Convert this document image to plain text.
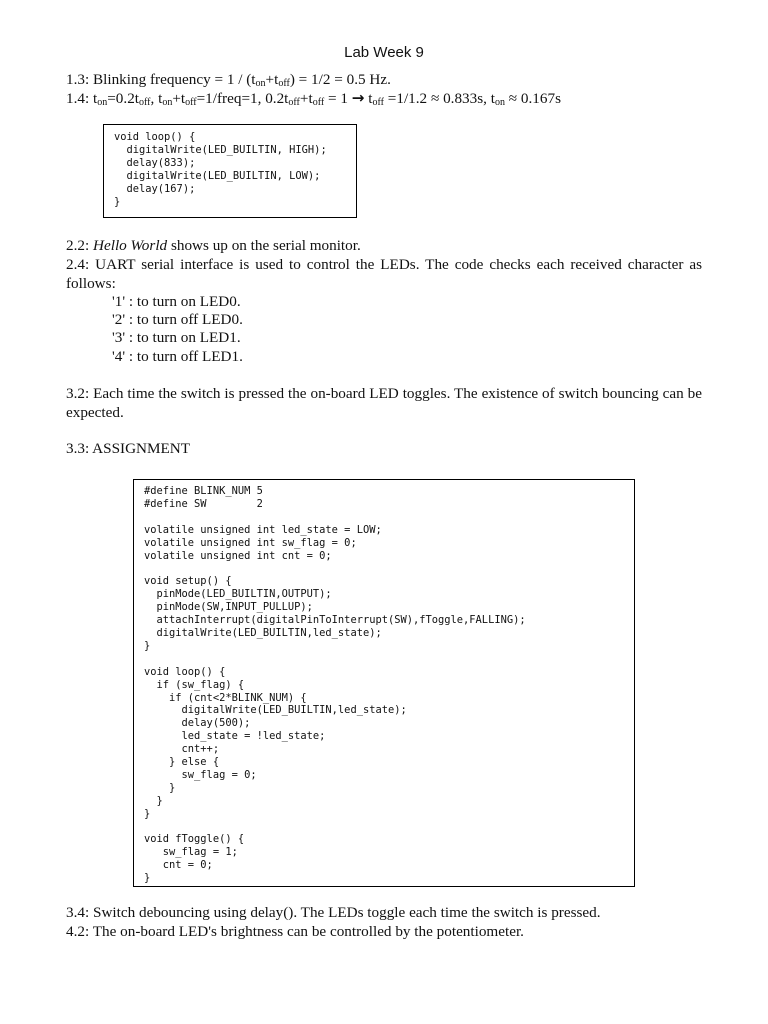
Lab Week 9
1.3: Blinking frequency = $1 / (t_{on}+t_{off}) = 1/2 = 0.5$ Hz.
1.4: $t_{on}=0.2t_{off}$, $t_{on}+t_{off}=1/freq=1$, $0.2t_{off}+t_{off} = 1 \to t_{off} =1/1.2 \approx 0.833s$, $t_{on} \approx 0.167s$
void loop() {
digitalWrite(LED_BUILTIN, HIGH);
delay(833);
digitalWrite(LED_BUILTIN, LOW);
delay(167);
}
2.2: Hello World shows up on the serial monitor.
2.4: UART serial interface is used to control the LEDs. The code checks each received character as follows:
'1' : to turn on LED0.
'2' : to turn off LED0.
'3' : to turn on LED1.
'4' : to turn off LED1.
3.2: Each time the switch is pressed the on-board LED toggles. The existence of switch bouncing can be expected.
3.3: ASSIGNMENT
#define BLINK_NUM 5
#define SW        2

volatile unsigned int led_state = LOW;
volatile unsigned int sw_flag = 0;
volatile unsigned int cnt = 0;

void setup() {
pinMode(LED_BUILTIN,OUTPUT);
pinMode(SW,INPUT_PULLUP);
attachInterrupt(digitalPinToInterrupt(SW),fToggle,FALLING);
digitalWrite(LED_BUILTIN,led_state);
}

void loop() {
if (sw_flag) {
if (cnt<2*BLINK_NUM) {
digitalWrite(LED_BUILTIN,led_state);
delay(500);
led_state = !led_state;
cnt++;
} else {
sw_flag = 0;
}
}
}

void fToggle() {
sw_flag = 1;
cnt = 0;
}
3.4: Switch debouncing using delay(). The LEDs toggle each time the switch is pressed.
4.2: The on-board LED's brightness can be controlled by the potentiometer.
